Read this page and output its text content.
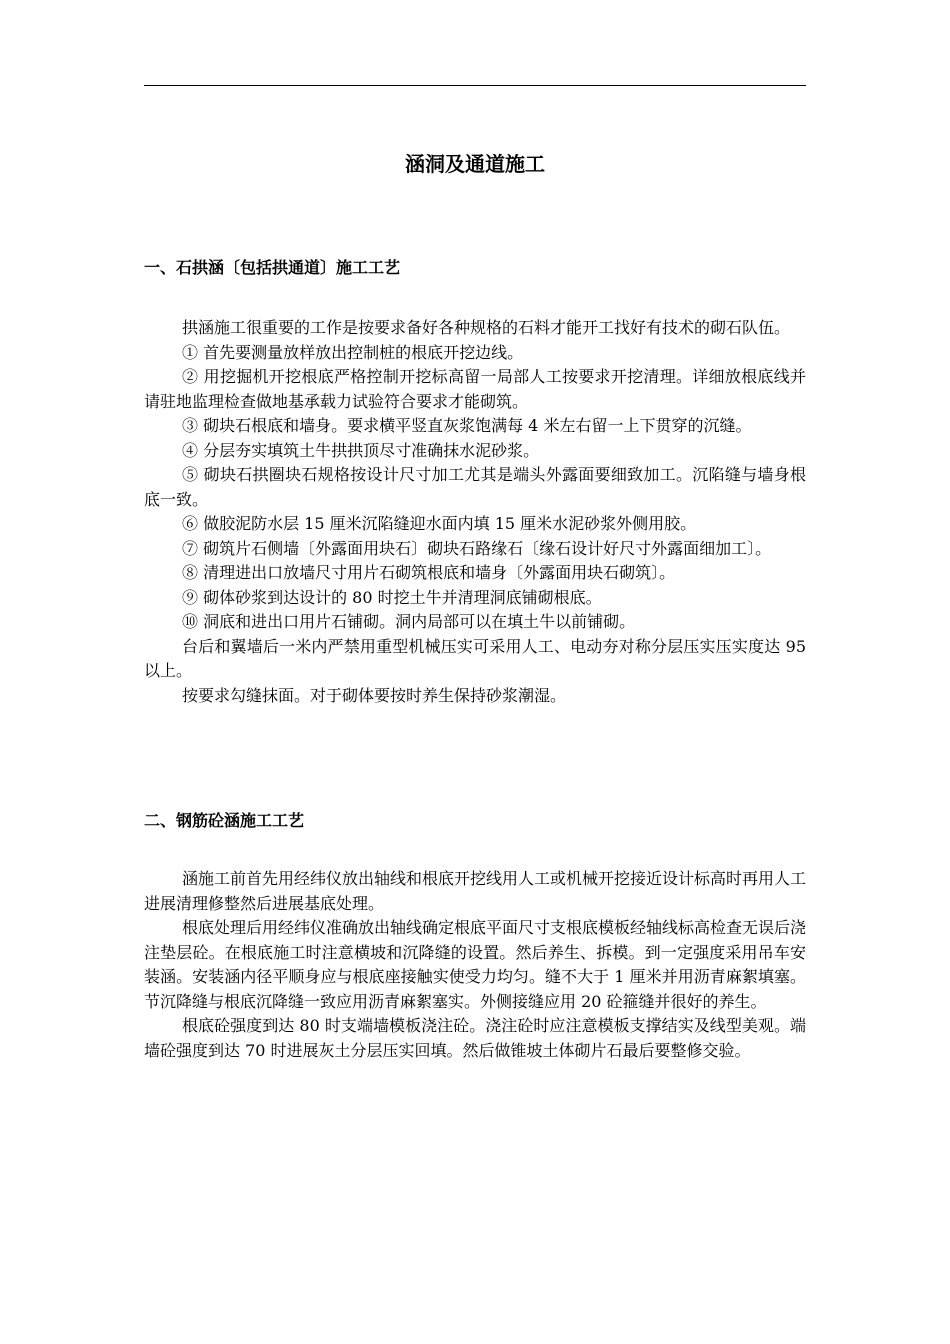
涵洞及通道施工
一、石拱涵〔包括拱通道〕施工工艺

拱涵施工很重要的工作是按要求备好各种规格的石料才能开工找好有技术的砌石队伍。

① 首先要测量放样放出控制桩的根底开挖边线。

② 用挖掘机开挖根底严格控制开挖标高留一局部人工按要求开挖清理。详细放根底线并请驻地监理检查做地基承载力试验符合要求才能砌筑。

③ 砌块石根底和墙身。要求横平竖直灰浆饱满每 4 米左右留一上下贯穿的沉缝。

④ 分层夯实填筑土牛拱拱顶尽寸准确抹水泥砂浆。

⑤ 砌块石拱圈块石规格按设计尺寸加工尤其是端头外露面要细致加工。沉陷缝与墙身根底一致。

⑥ 做胶泥防水层 15 厘米沉陷缝迎水面内填 15 厘米水泥砂浆外侧用胶。

⑦ 砌筑片石侧墙〔外露面用块石〕砌块石路缘石〔缘石设计好尺寸外露面细加工〕。

⑧ 清理进出口放墙尺寸用片石砌筑根底和墙身〔外露面用块石砌筑〕。

⑨ 砌体砂浆到达设计的 80 时挖土牛并清理洞底铺砌根底。

⑩ 洞底和进出口用片石铺砌。洞内局部可以在填土牛以前铺砌。

台后和翼墙后一米内严禁用重型机械压实可采用人工、电动夯对称分层压实压实度达 95 以上。

按要求勾缝抹面。对于砌体要按时养生保持砂浆潮湿。

二、钢筋砼涵施工工艺

涵施工前首先用经纬仪放出轴线和根底开挖线用人工或机械开挖接近设计标高时再用人工进展清理修整然后进展基底处理。

根底处理后用经纬仪准确放出轴线确定根底平面尺寸支根底模板经轴线标高检查无误后浇注垫层砼。在根底施工时注意横坡和沉降缝的设置。然后养生、拆模。到一定强度采用吊车安装涵。安装涵内径平顺身应与根底座接触实使受力均匀。缝不大于 1 厘米并用沥青麻絮填塞。节沉降缝与根底沉降缝一致应用沥青麻絮塞实。外侧接缝应用 20 砼箍缝并很好的养生。

根底砼强度到达 80 时支端墙模板浇注砼。浇注砼时应注意模板支撑结实及线型美观。端墙砼强度到达 70 时进展灰土分层压实回填。然后做锥坡土体砌片石最后要整修交验。
